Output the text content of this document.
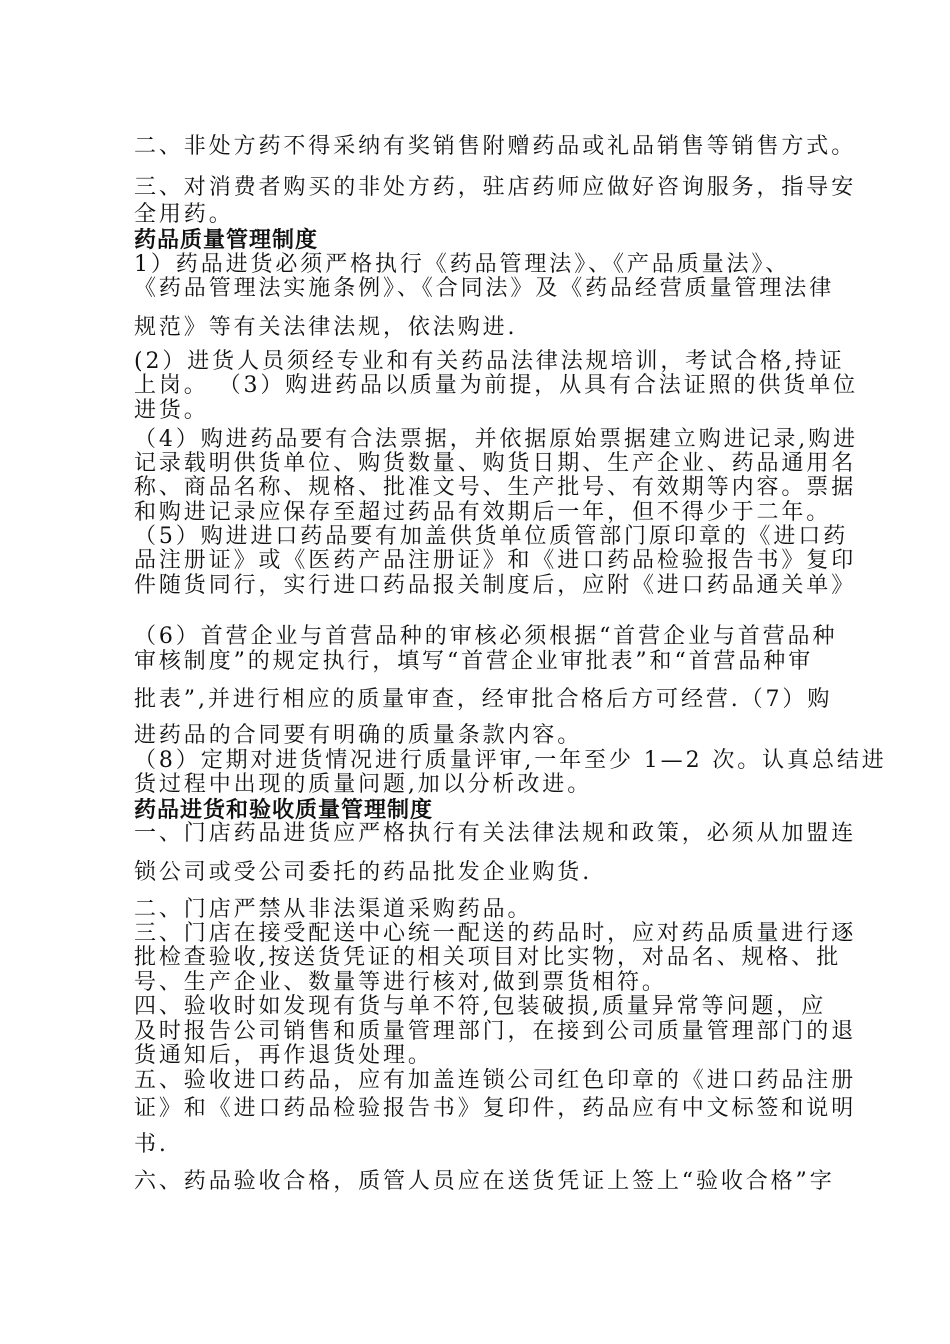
二、非处方药不得采纳有奖销售附赠药品或礼品销售等销售方式。
三、对消费者购买的非处方药，驻店药师应做好咨询服务，指导安
全用药。
药品质量管理制度
1）药品进货必须严格执行《药品管理法》、《产品质量法》、
《药品管理法实施条例》、《合同法》及《药品经营质量管理法律
规范》等有关法律法规，依法购进.
(2）进货人员须经专业和有关药品法律法规培训，考试合格,持证
上岗。 （3）购进药品以质量为前提，从具有合法证照的供货单位
进货。
（4）购进药品要有合法票据，并依据原始票据建立购进记录,购进
记录载明供货单位、购货数量、购货日期、生产企业、药品通用名
称、商品名称、规格、批准文号、生产批号、有效期等内容。票据
和购进记录应保存至超过药品有效期后一年，但不得少于二年。
（5）购进进口药品要有加盖供货单位质管部门原印章的《进口药
品注册证》或《医药产品注册证》和《进口药品检验报告书》复印
件随货同行，实行进口药品报关制度后，应附《进口药品通关单》
（6）首营企业与首营品种的审核必须根据“首营企业与首营品种
审核制度”的规定执行，填写“首营企业审批表”和“首营品种审
批表”,并进行相应的质量审查，经审批合格后方可经营.（7）购
进药品的合同要有明确的质量条款内容。
（8）定期对进货情况进行质量评审,一年至少 1—2 次。认真总结进
货过程中出现的质量问题,加以分析改进。
药品进货和验收质量管理制度
一、门店药品进货应严格执行有关法律法规和政策，必须从加盟连
锁公司或受公司委托的药品批发企业购货.
二、门店严禁从非法渠道采购药品。
三、门店在接受配送中心统一配送的药品时，应对药品质量进行逐
批检查验收,按送货凭证的相关项目对比实物，对品名、规格、批
号、生产企业、数量等进行核对,做到票货相符。
四、验收时如发现有货与单不符,包装破损,质量异常等问题，应
及时报告公司销售和质量管理部门，在接到公司质量管理部门的退
货通知后，再作退货处理。
五、验收进口药品，应有加盖连锁公司红色印章的《进口药品注册
证》和《进口药品检验报告书》复印件，药品应有中文标签和说明
书.
六、药品验收合格，质管人员应在送货凭证上签上“验收合格”字
